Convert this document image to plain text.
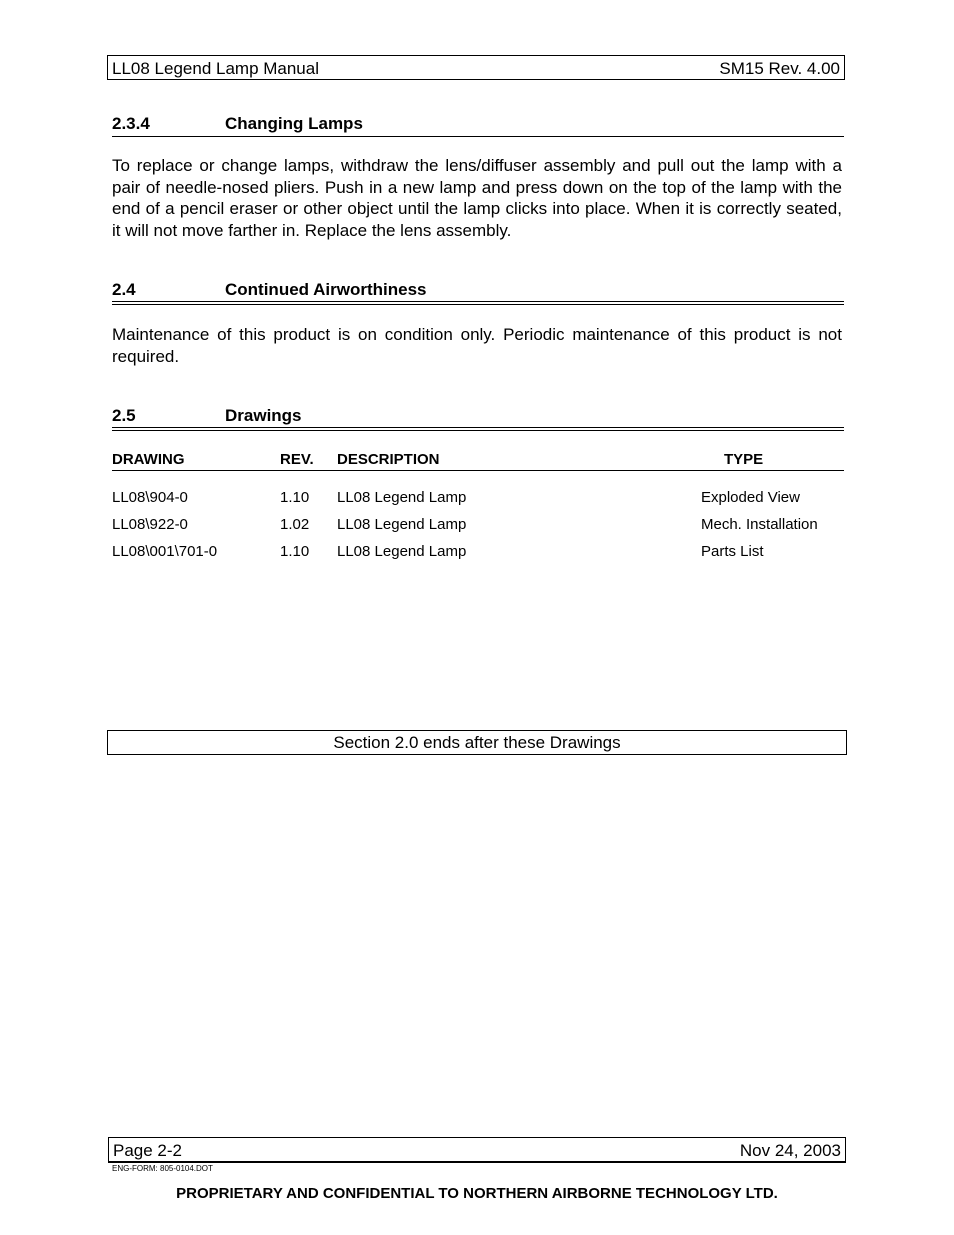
LL08 Legend Lamp Manual	SM15 Rev. 4.00
2.3.4	Changing Lamps

To replace or change lamps, withdraw the lens/diffuser assembly and pull out the lamp with a pair of needle-nosed pliers. Push in a new lamp and press down on the top of the lamp with the end of a pencil eraser or other object until the lamp clicks into place. When it is correctly seated, it will not move farther in. Replace the lens assembly.

2.4	Continued Airworthiness

Maintenance of this product is on condition only. Periodic maintenance of this product is not required.

2.5	Drawings
DRAWING	REV. DESCRIPTION	TYPE
LL08\904-0	1.10 LL08 Legend Lamp	Exploded View
LL08\922-0	1.02 LL08 Legend Lamp	Mech. Installation
LL08\001\701-0	1.10 LL08 Legend Lamp	Parts List
Section 2.0 ends after these Drawings
Page 2-2	Nov 24, 2003
ENG-FORM: 805-0104.DOT
PROPRIETARY AND CONFIDENTIAL TO NORTHERN AIRBORNE TECHNOLOGY LTD.
